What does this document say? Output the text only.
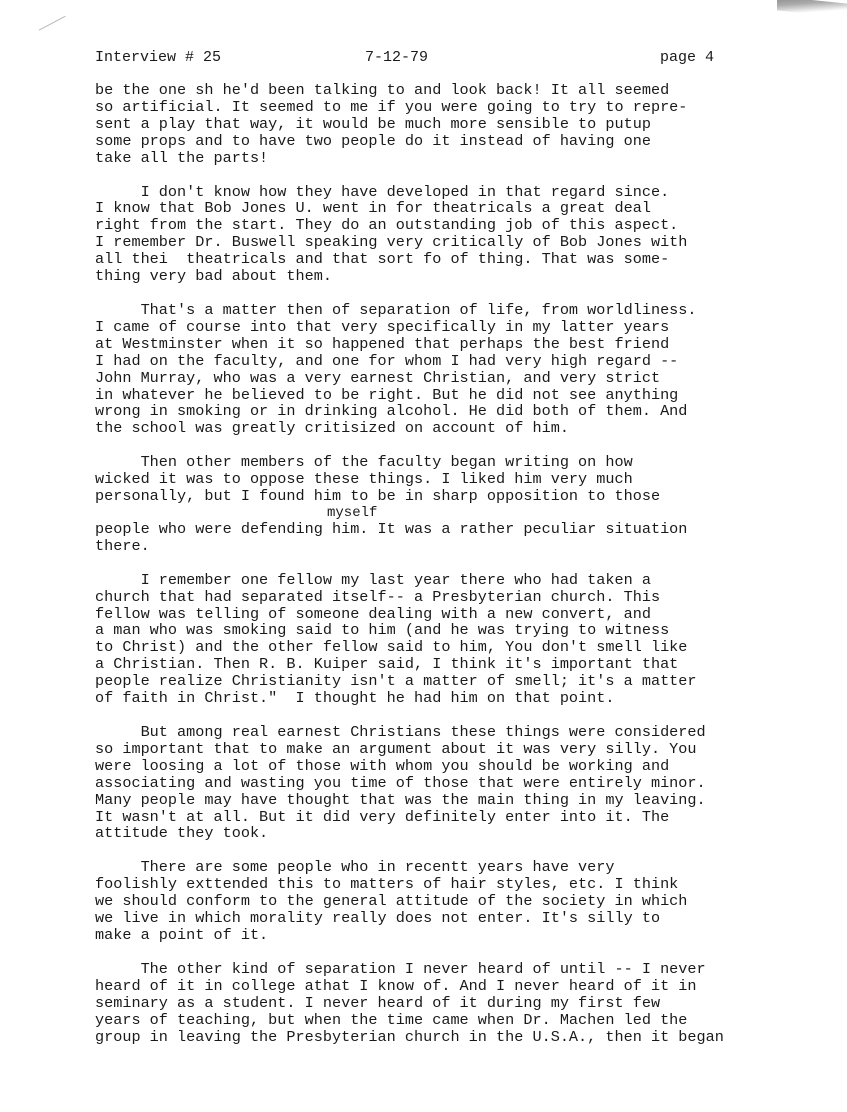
Interview # 25	7-12-79	page 4
be the one sh he'd been talking to and look back! It all seemed
so artificial. It seemed to me if you were going to try to repre-
sent a play that way, it would be much more sensible to putup
some props and to have two people do it instead of having one
take all the parts!
I don't know how they have developed in that regard since.
I know that Bob Jones U. went in for theatricals a great deal
right from the start. They do an outstanding job of this aspect.
I remember Dr. Buswell speaking very critically of Bob Jones with
all thei  theatricals and that sort fo of thing. That was some-
thing very bad about them.
That's a matter then of separation of life, from worldliness.
I came of course into that very specifically in my latter years
at Westminster when it so happened that perhaps the best friend
I had on the faculty, and one for whom I had very high regard --
John Murray, who was a very earnest Christian, and very strict
in whatever he believed to be right. But he did not see anything
wrong in smoking or in drinking alcohol. He did both of them. And
the school was greatly critisized on account of him.
Then other members of the faculty began writing on how
wicked it was to oppose these things. I liked him very much
personally, but I found him to be in sharp opposition to those
myself
people who were defending him. It was a rather peculiar situation
there.
I remember one fellow my last year there who had taken a
church that had separated itself-- a Presbyterian church. This
fellow was telling of someone dealing with a new convert, and
a man who was smoking said to him (and he was trying to witness
to Christ) and the other fellow said to him, You don't smell like
a Christian. Then R. B. Kuiper said, I think it's important that
people realize Christianity isn't a matter of smell; it's a matter
of faith in Christ."  I thought he had him on that point.
But among real earnest Christians these things were considered
so important that to make an argument about it was very silly. You
were loosing a lot of those with whom you should be working and
associating and wasting you time of those that were entirely minor.
Many people may have thought that was the main thing in my leaving.
It wasn't at all. But it did very definitely enter into it. The
attitude they took.
There are some people who in recentt years have very
foolishly exttended this to matters of hair styles, etc. I think
we should conform to the general attitude of the society in which
we live in which morality really does not enter. It's silly to
make a point of it.
The other kind of separation I never heard of until -- I never
heard of it in college athat I know of. And I never heard of it in
seminary as a student. I never heard of it during my first few
years of teaching, but when the time came when Dr. Machen led the
group in leaving the Presbyterian church in the U.S.A., then it began
